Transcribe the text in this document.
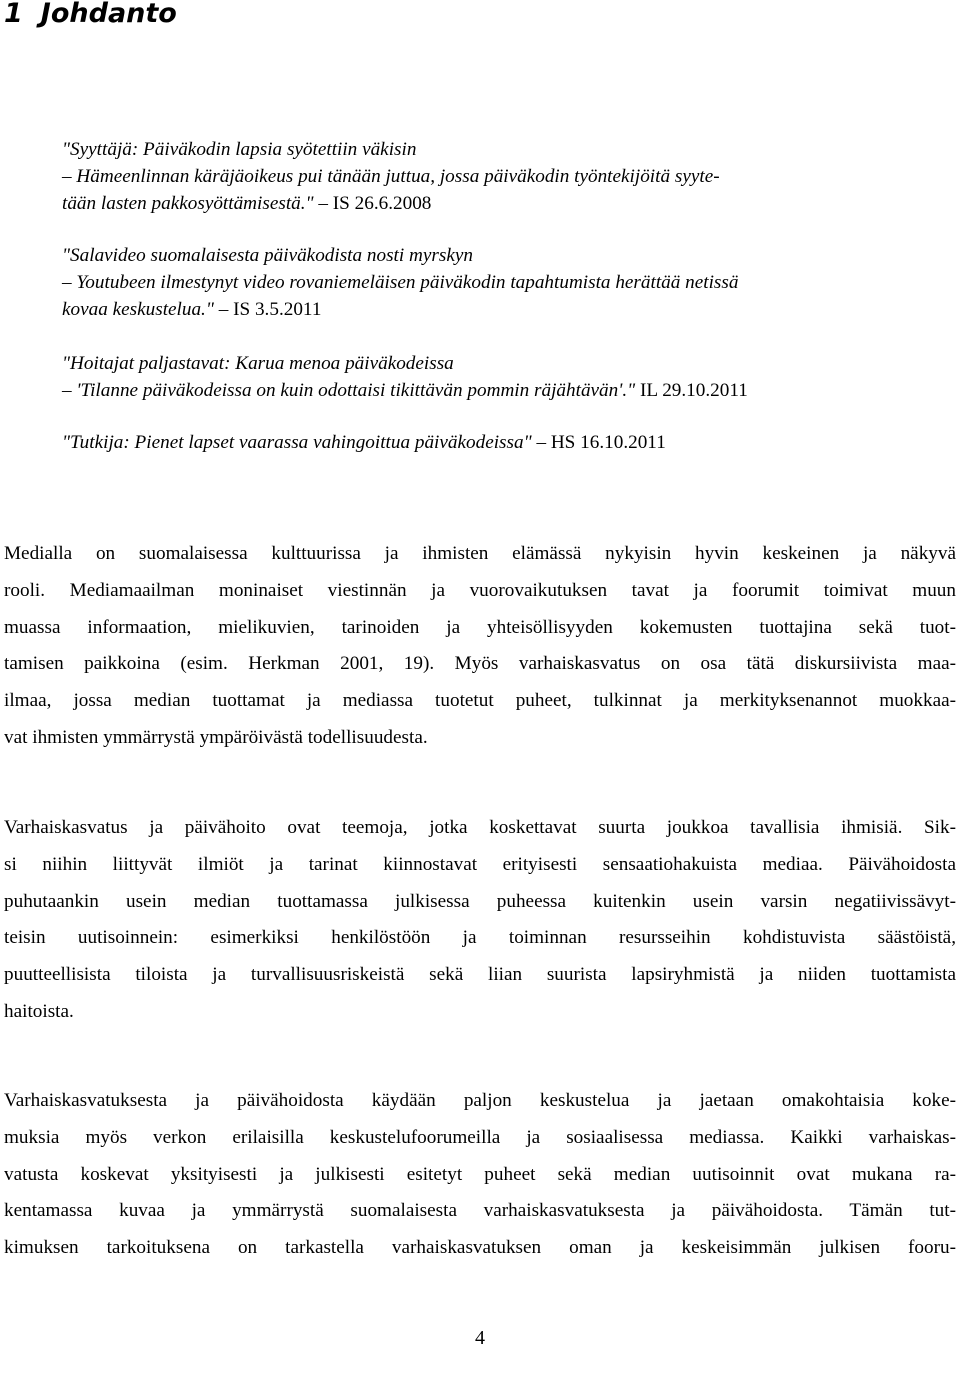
1 Johdanto
"Syyttäjä: Päiväkodin lapsia syötettiin väkisin
– Hämeenlinnan käräjäoikeus pui tänään juttua, jossa päiväkodin työntekijöitä syyte-
tään lasten pakkosyöttämisestä." – IS 26.6.2008
"Salavideo suomalaisesta päiväkodista nosti myrskyn
– Youtubeen ilmestynyt video rovaniemeläisen päiväkodin tapahtumista herättää netissä
kovaa keskustelua." – IS 3.5.2011
"Hoitajat paljastavat: Karua menoa päiväkodeissa
– 'Tilanne päiväkodeissa on kuin odottaisi tikittävän pommin räjähtävän'." IL 29.10.2011
"Tutkija: Pienet lapset vaarassa vahingoittua päiväkodeissa" – HS 16.10.2011
Medialla on suomalaisessa kulttuurissa ja ihmisten elämässä nykyisin hyvin keskeinen ja näkyvä
rooli. Mediamaailman moninaiset viestinnän ja vuorovaikutuksen tavat ja foorumit toimivat muun
muassa informaation, mielikuvien, tarinoiden ja yhteisöllisyyden kokemusten tuottajina sekä tuot-
tamisen paikkoina (esim. Herkman 2001, 19). Myös varhaiskasvatus on osa tätä diskursiivista maa-
ilmaa, jossa median tuottamat ja mediassa tuotetut puheet, tulkinnat ja merkityksenannot muokkaa-
vat ihmisten ymmärrystä ympäröivästä todellisuudesta.
Varhaiskasvatus ja päivähoito ovat teemoja, jotka koskettavat suurta joukkoa tavallisia ihmisiä. Sik-
si niihin liittyvät ilmiöt ja tarinat kiinnostavat erityisesti sensaatiohakuista mediaa. Päivähoidosta
puhutaankin usein median tuottamassa julkisessa puheessa kuitenkin usein varsin negatiivissävyt-
teisin uutisoinnein: esimerkiksi henkilöstöön ja toiminnan resursseihin kohdistuvista säästöistä,
puutteellisista tiloista ja turvallisuusriskeistä sekä liian suurista lapsiryhmistä ja niiden tuottamista
haitoista.
Varhaiskasvatuksesta ja päivähoidosta käydään paljon keskustelua ja jaetaan omakohtaisia koke-
muksia myös verkon erilaisilla keskustelufoorumeilla ja sosiaalisessa mediassa. Kaikki varhaiskas-
vatusta koskevat yksityisesti ja julkisesti esitetyt puheet sekä median uutisoinnit ovat mukana ra-
kentamassa kuvaa ja ymmärrystä suomalaisesta varhaiskasvatuksesta ja päivähoidosta. Tämän tut-
kimuksen tarkoituksena on tarkastella varhaiskasvatuksen oman ja keskeisimmän julkisen fooru-
4
